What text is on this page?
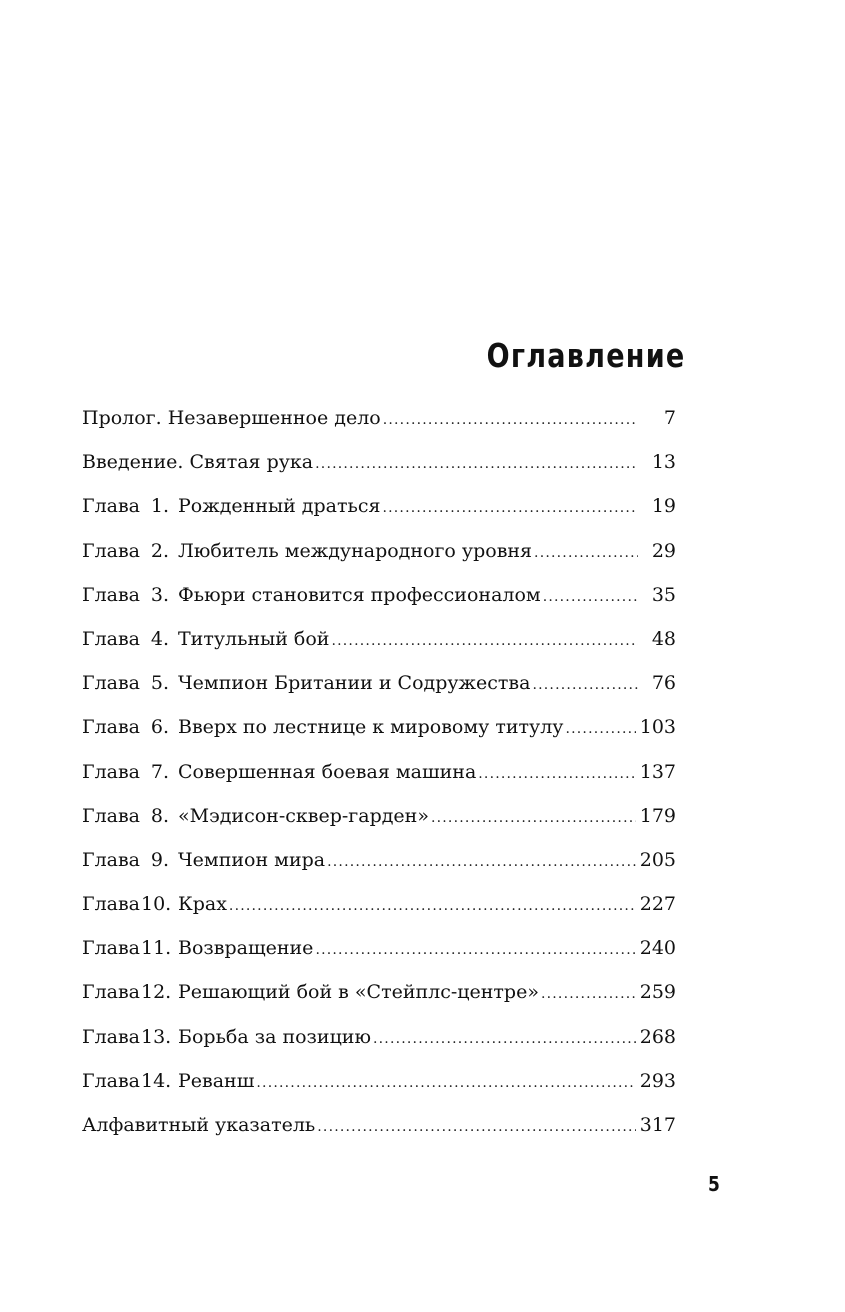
Оглавление
Пролог. Незавершенное дело .....	7
Введение. Святая рука .....	13
Глава 1. Рожденный драться .....	19
Глава 2. Любитель международного уровня .....	29
Глава 3. Фьюри становится профессионалом .....	35
Глава 4. Титульный бой .....	48
Глава 5. Чемпион Британии и Содружества .....	76
Глава 6. Вверх по лестнице к мировому титулу .....	103
Глава 7. Совершенная боевая машина .....	137
Глава 8. «Мэдисон-сквер-гарден» .....	179
Глава 9. Чемпион мира .....	205
Глава 10. Крах .....	227
Глава 11. Возвращение .....	240
Глава 12. Решающий бой в «Стейплс-центре» .....	259
Глава 13. Борьба за позицию .....	268
Глава 14. Реванш .....	293
Алфавитный указатель .....	317
5
